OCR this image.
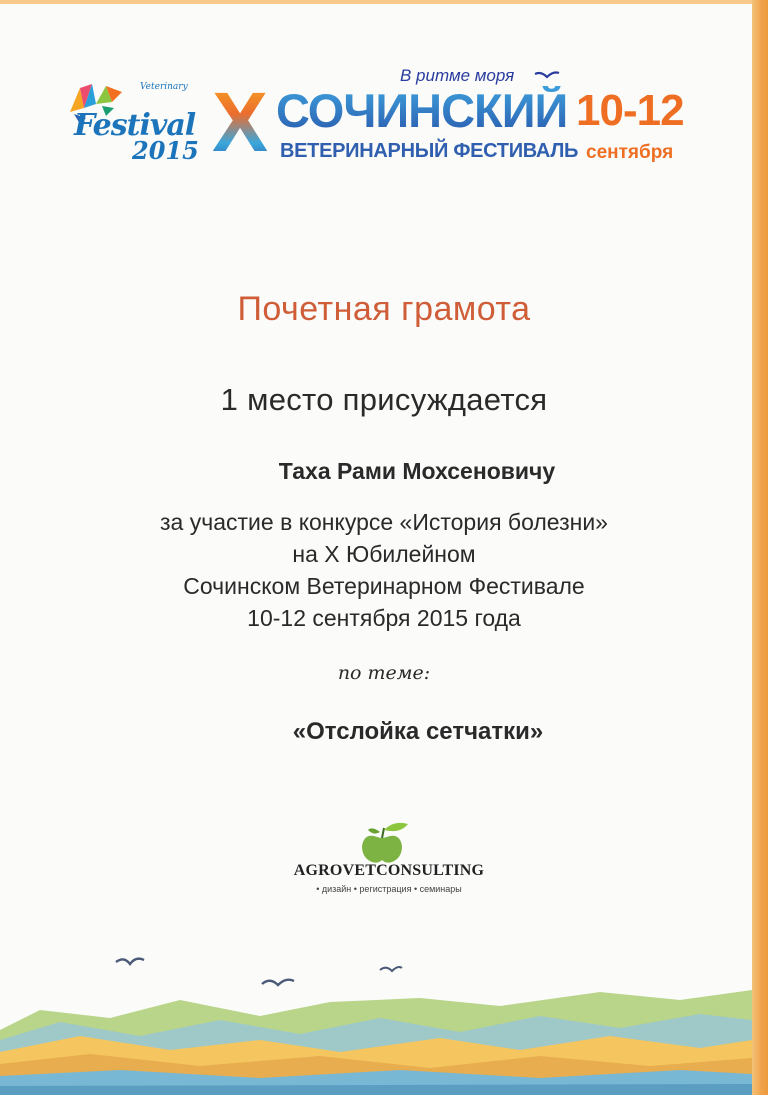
Veterinary
Festival
2015
В ритме моря
X СОЧИНСКИЙ
ВЕТЕРИНАРНЫЙ ФЕСТИВАЛЬ
10-12
сентября
Почетная грамота
1 место присуждается
Таха Рами Мохсеновичу
за участие в конкурсе «История болезни»
на Х Юбилейном
Сочинском Ветеринарном Фестивале
10-12 сентября 2015 года
по теме:
«Отслойка сетчатки»
AGROVETCONSULTING
• дизайн • регистрация • семинары
